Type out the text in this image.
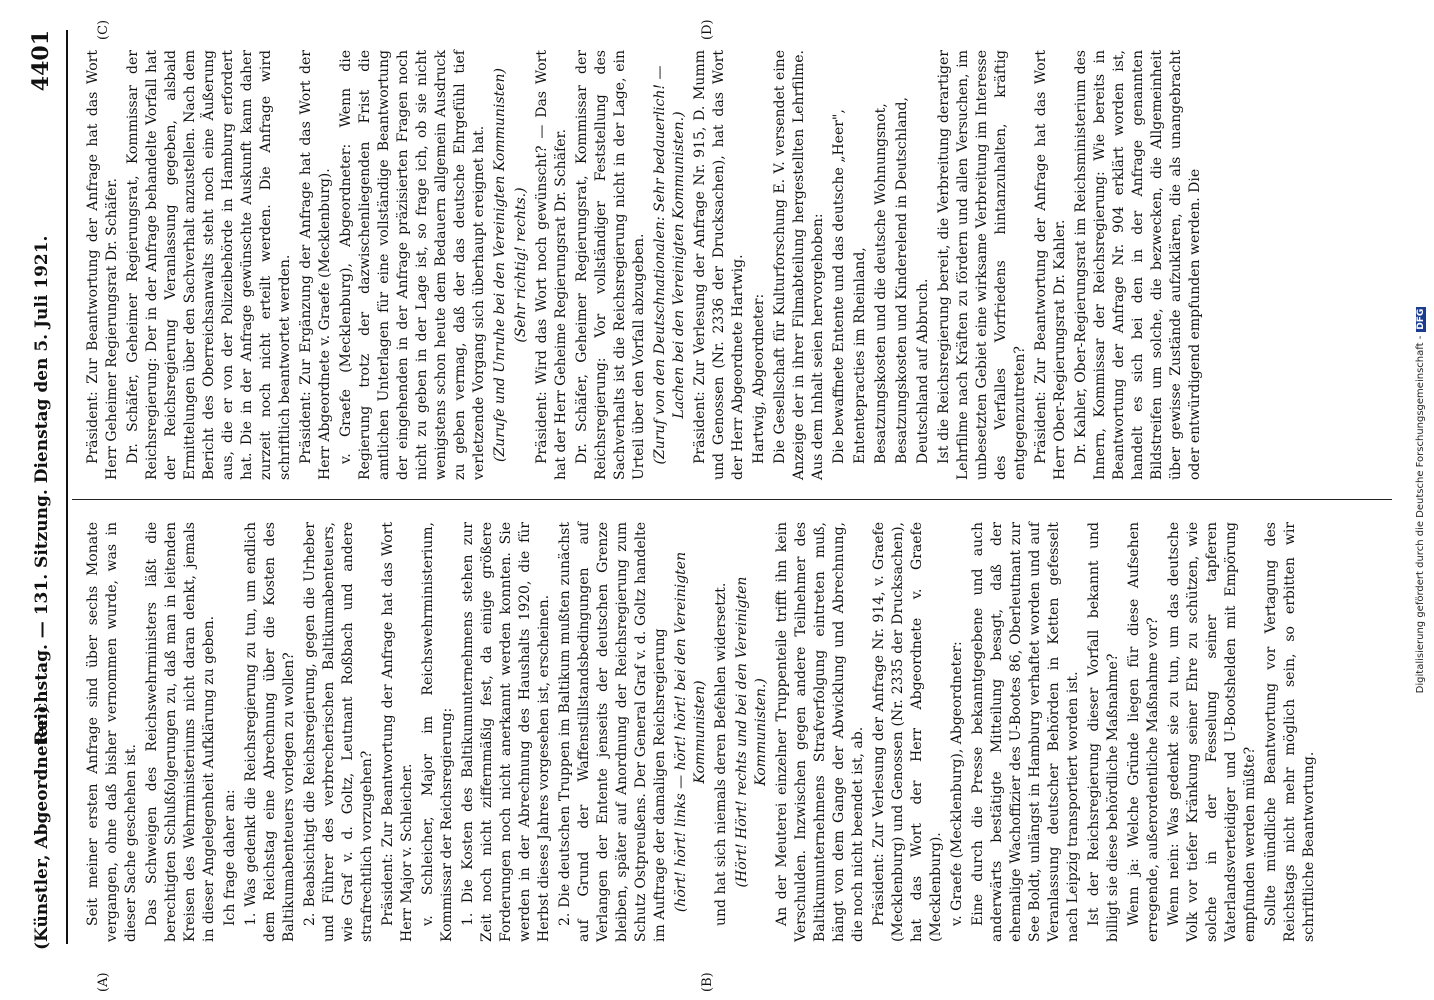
(Künstler, Abgeordneter.)
Reichstag. — 131. Sitzung. Dienstag den 5. Juli 1921.
4401
(A)	(B)
(C)	(D)

Seit meiner ersten Anfrage sind über sechs Monate vergangen, ohne daß bisher vernommen wurde, was in dieser Sache geschehen ist. Das Schweigen des Reichswehrministers läßt die berechtigten Schlußfolgerungen zu, daß man in leitenden Kreisen des Wehrministeriums nicht daran denkt, jemals in dieser Angelegenheit Aufklärung zu geben. Ich frage daher an: 1. Was gedenkt die Reichsregierung zu tun, um endlich dem Reichstag eine Abrechnung über die Kosten des Baltikumabenteuers vorlegen zu wollen? 2. Beabsichtigt die Reichsregierung, gegen die Urheber und Führer des verbrecherischen Baltikumabenteuers, wie Graf v. d. Goltz, Leutnant Roßbach und andere strafrechtlich vorzugehen? Präsident: Zur Beantwortung der Anfrage hat das Wort Herr Major v. Schleicher. v. Schleicher, Major im Reichswehrministerium, Kommissar der Reichsregierung: 1. Die Kosten des Baltikumunternehmens stehen zur Zeit noch nicht ziffernmäßig fest, da einige größere Forderungen noch nicht anerkannt werden konnten. Sie werden in der Abrechnung des Haushalts 1920, die für Herbst dieses Jahres vorgesehen ist, erscheinen. 2. Die deutschen Truppen im Baltikum mußten zunächst auf Grund der Waffenstillstandsbedingungen auf Verlangen der Entente jenseits der deutschen Grenze bleiben, später auf Anordnung der Reichsregierung zum Schutz Ostpreußens. Der General Graf v. d. Goltz handelte im Auftrage der damaligen Reichsregierung (hört! hört! links — hört! hört! bei den Vereinigten Kommunisten) und hat sich niemals deren Befehlen widersetzt. (Hört! Hört! rechts und bei den Vereinigten Kommunisten.) An der Meuterei einzelner Truppenteile trifft ihn kein Verschulden. Inzwischen gegen andere Teilnehmer des Baltikumunternehmens Strafverfolgung eintreten muß, hängt von dem Gange der Abwicklung und Abrechnung, die noch nicht beendet ist, ab. Präsident: Zur Verlesung der Anfrage Nr. 914, v. Graefe (Mecklenburg) und Genossen (Nr. 2335 der Drucksachen), hat das Wort der Herr Abgeordnete v. Graefe (Mecklenburg). v. Graefe (Mecklenburg), Abgeordneter: Eine durch die Presse bekanntgegebene und auch anderwärts bestätigte Mitteilung besagt, daß der ehemalige Wachoffizier des U-Bootes 86, Oberleutnant zur See Boldt, unlängst in Hamburg verhaftet worden und auf Veranlassung deutscher Behörden in Ketten gefesselt nach Leipzig transportiert worden ist. Ist der Reichsregierung dieser Vorfall bekannt und billigt sie diese behördliche Maßnahme? Wenn ja: Welche Gründe liegen für diese Aufsehen erregende, außerordentliche Maßnahme vor? Wenn nein: Was gedenkt sie zu tun, um das deutsche Volk vor tiefer Kränkung seiner Ehre zu schützen, wie solche in der Fesselung seiner tapferen Vaterlandsverteidiger und U-Bootshelden mit Empörung empfunden werden müßte? Sollte mündliche Beantwortung vor Vertagung des Reichstags nicht mehr möglich sein, so erbitten wir schriftliche Beantwortung.

Präsident: Zur Beantwortung der Anfrage hat das Wort Herr Geheimer Regierungsrat Dr. Schäfer. Dr. Schäfer, Geheimer Regierungsrat, Kommissar der Reichsregierung: Der in der Anfrage behandelte Vorfall hat der Reichsregierung Veranlassung gegeben, alsbald Ermittelungen über den Sachverhalt anzustellen. Nach dem Bericht des Oberreichsanwalts steht noch eine Äußerung aus, die er von der Polizeibehörde in Hamburg erfordert hat. Die in der Anfrage gewünschte Auskunft kann daher zurzeit noch nicht erteilt werden. Die Anfrage wird schriftlich beantwortet werden. Präsident: Zur Ergänzung der Anfrage hat das Wort der Herr Abgeordnete v. Graefe (Mecklenburg). v. Graefe (Mecklenburg), Abgeordneter: Wenn die Regierung trotz der dazwischenliegenden Frist die amtlichen Unterlagen für eine vollständige Beantwortung der eingehenden in der Anfrage präzisierten Fragen noch nicht zu geben in der Lage ist, so frage ich, ob sie nicht wenigstens schon heute dem Bedauern allgemein Ausdruck zu geben vermag, daß der das deutsche Ehrgefühl tief verletzende Vorgang sich überhaupt ereignet hat. (Zurufe und Unruhe bei den Vereinigten Kommunisten) (Sehr richtig! rechts.) Präsident: Wird das Wort noch gewünscht? — Das Wort hat der Herr Geheime Regierungsrat Dr. Schäfer. Dr. Schäfer, Geheimer Regierungsrat, Kommissar der Reichsregierung: Vor vollständiger Feststellung des Sachverhalts ist die Reichsregierung nicht in der Lage, ein Urteil über den Vorfall abzugeben. (Zuruf von den Deutschnationalen: Sehr bedauerlich! — Lachen bei den Vereinigten Kommunisten.) Präsident: Zur Verlesung der Anfrage Nr. 915, D. Mumm und Genossen (Nr. 2336 der Drucksachen), hat das Wort der Herr Abgeordnete Hartwig. Hartwig, Abgeordneter: Die Gesellschaft für Kulturforschung E. V. versendet eine Anzeige der in ihrer Filmabteilung hergestellten Lehrfilme. Aus dem Inhalt seien hervorgehoben: Die bewaffnete Entente und das deutsche „Heer", Ententepracties im Rheinland, Besatzungskosten und die deutsche Wohnungsnot, Besatzungskosten und Kinderelend in Deutschland, Deutschland auf Abbruch. Ist die Reichsregierung bereit, die Verbreitung derartiger Lehrfilme nach Kräften zu fördern und allen Versuchen, im unbesetzten Gebiet eine wirksame Verbreitung im Interesse des Verfalles Vorfriedens hintanzuhalten, kräftig entgegenzutreten? Präsident: Zur Beantwortung der Anfrage hat das Wort Herr Ober-Regierungsrat Dr. Kahler. Dr. Kahler, Ober-Regierungsrat im Reichsministerium des Innern, Kommissar der Reichsregierung: Wie bereits in Beantwortung der Anfrage Nr. 904 erklärt worden ist, handelt es sich bei den in der Anfrage genannten Bildstreifen um solche, die bezwecken, die Allgemeinheit über gewisse Zustände aufzuklären, die als unangebracht oder entwürdigend empfunden werden. Die

Digitalisierung gefördert durch die Deutsche Forschungsgemeinschaft -DFG
